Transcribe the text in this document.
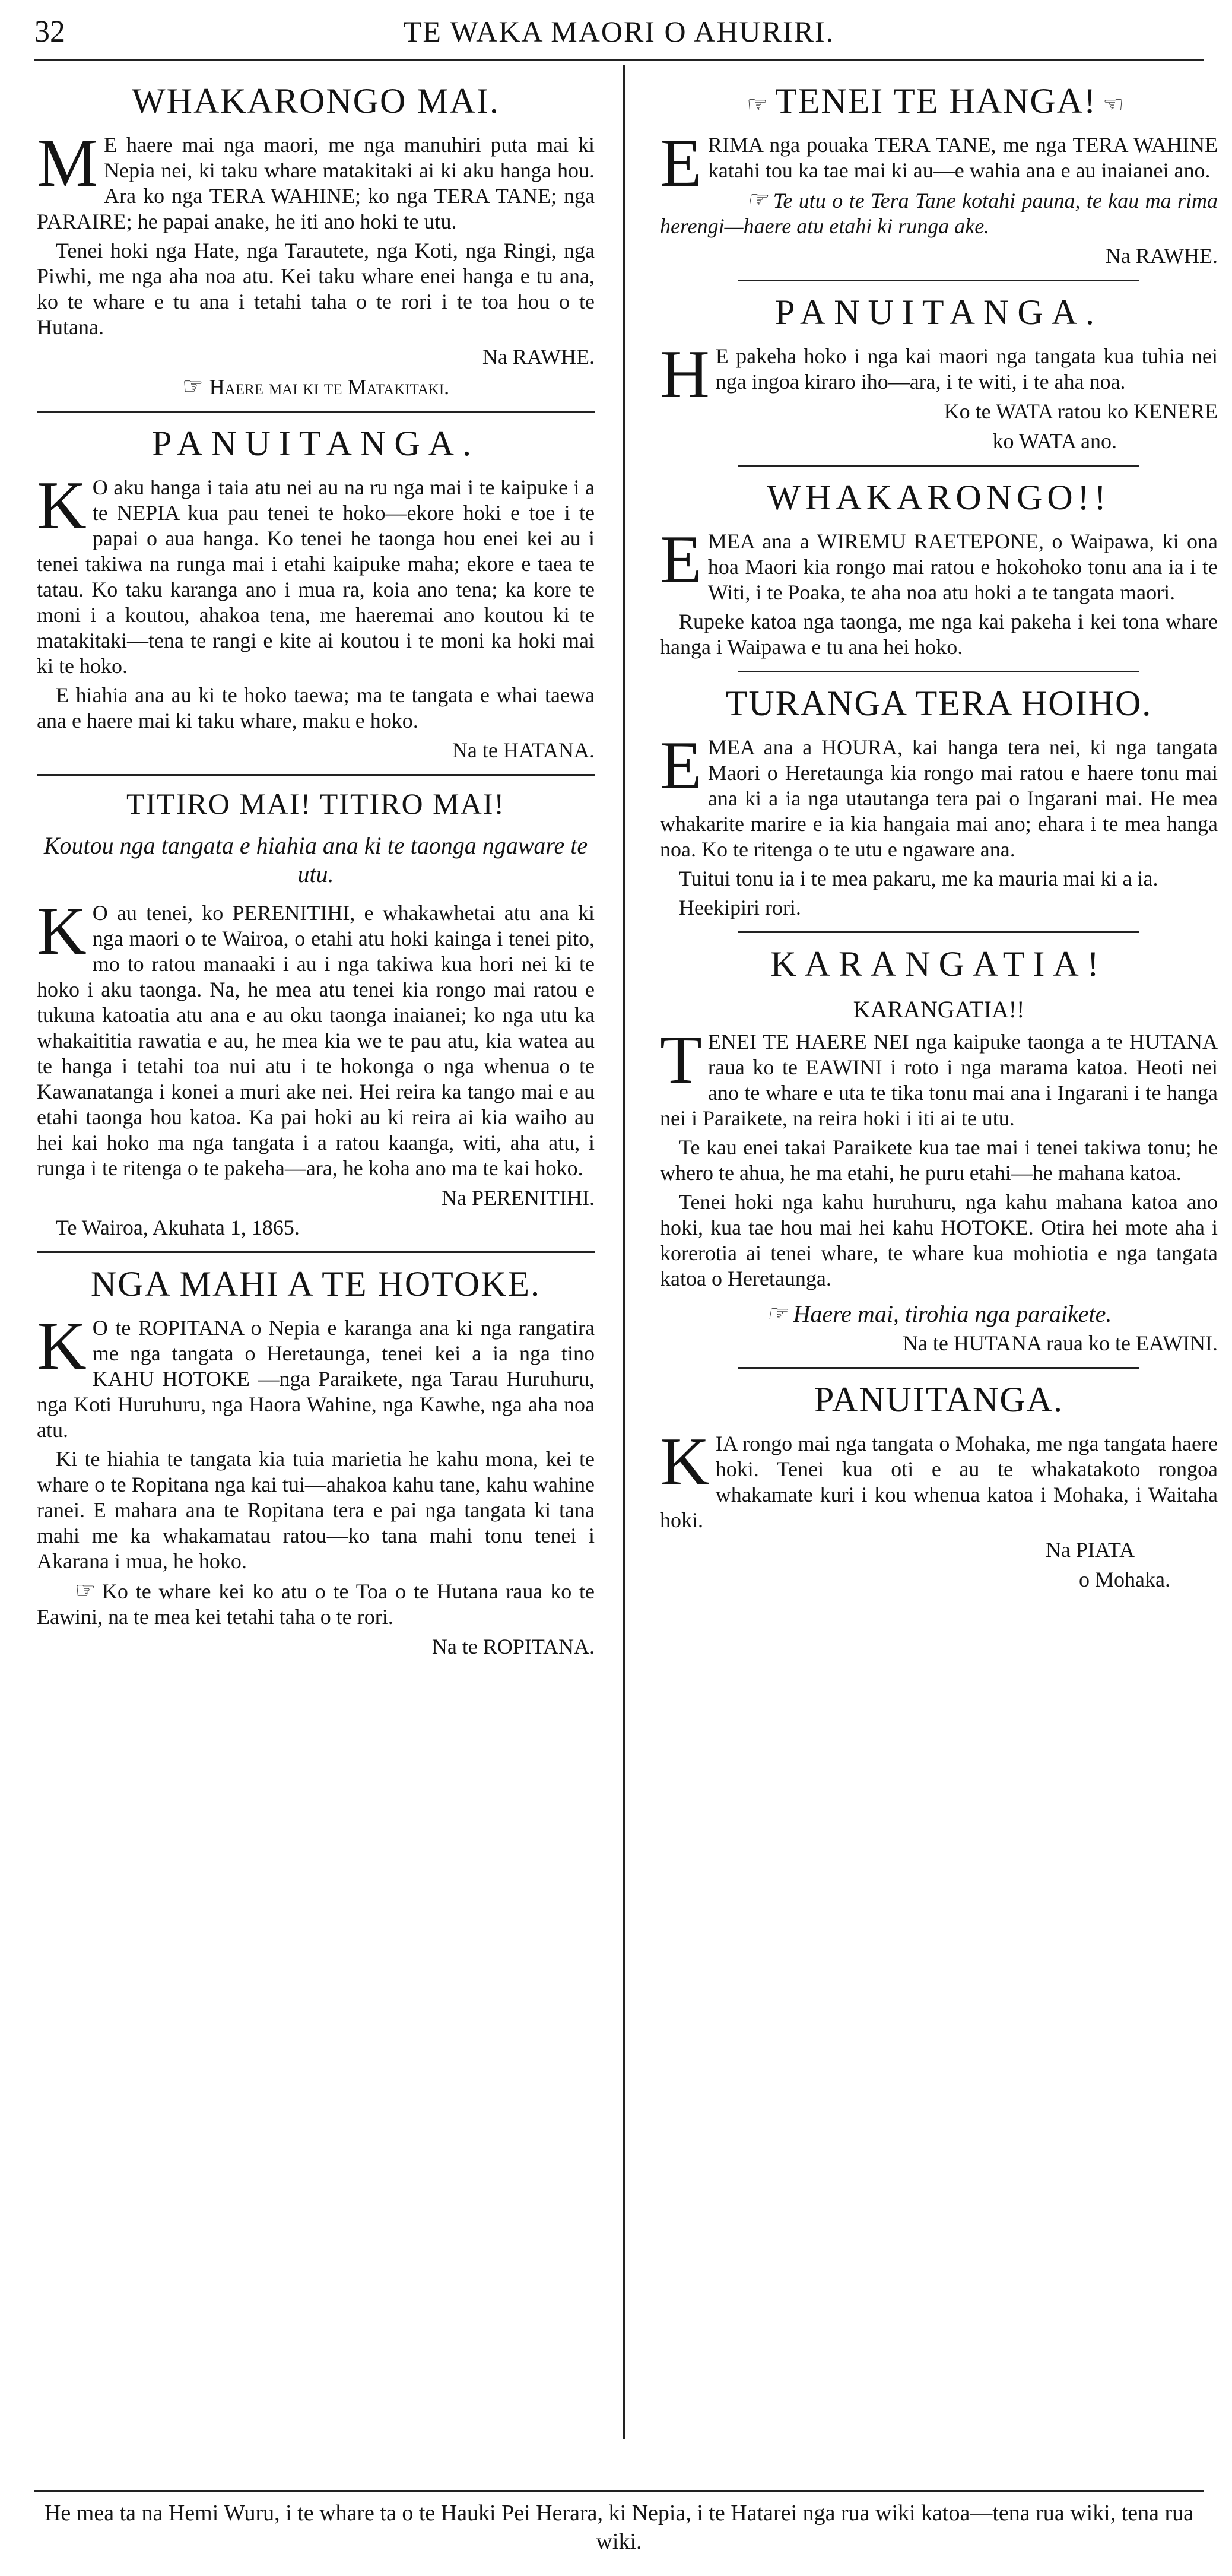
32	TE WAKA MAORI O AHURIRI.
WHAKARONGO MAI.

M E haere mai nga maori, me nga manuhiri puta mai ki Nepia nei, ki taku whare matakitaki ai ki aku hanga hou. Ara ko nga TERA WAHINE; ko nga TERA TANE; nga PARAIRE; he papai anake, he iti ano hoki te utu.

Tenei hoki nga Hate, nga Tarautete, nga Koti, nga Ringi, nga Piwhi, me nga aha noa atu. Kei taku whare enei hanga e tu ana, ko te whare e tu ana i tetahi taha o te rori i te toa hou o te Hutana.

Na RAWHE.

☞ Haere mai ki te Matakitaki.

PANUITANGA.

K O aku hanga i taia atu nei au na ru nga mai i te kaipuke i a te NEPIA kua pau tenei te hoko—ekore hoki e toe i te papai o aua hanga. Ko tenei he taonga hou enei kei au i tenei takiwa na runga mai i etahi kaipuke maha; ekore e taea te tatau. Ko taku karanga ano i mua ra, koia ano tena; ka kore te moni i a koutou, ahakoa tena, me haeremai ano koutou ki te matakitaki—tena te rangi e kite ai koutou i te moni ka hoki mai ki te hoko.

E hiahia ana au ki te hoko taewa; ma te tangata e whai taewa ana e haere mai ki taku whare, maku e hoko.

Na te HATANA.
TITIRO MAI! TITIRO MAI!

Koutou nga tangata e hiahia ana ki te taonga ngaware te utu.

K O au tenei, ko PERENITIHI, e whakawhetai atu ana ki nga maori o te Wairoa, o etahi atu hoki kainga i tenei pito, mo to ratou manaaki i au i nga takiwa kua hori nei ki te hoko i aku taonga. Na, he mea atu tenei kia rongo mai ratou e tukuna katoatia atu ana e au oku taonga inaianei; ko nga utu ka whakaititia rawatia e au, he mea kia we te pau atu, kia watea au te hanga i tetahi toa nui atu i te hokonga o nga whenua o te Kawanatanga i konei a muri ake nei. Hei reira ka tango mai e au etahi taonga hou katoa. Ka pai hoki au ki reira ai kia waiho au hei kai hoko ma nga tangata i a ratou kaanga, witi, aha atu, i runga i te ritenga o te pakeha—ara, he koha ano ma te kai hoko.

Na PERENITIHI.
Te Wairoa, Akuhata 1, 1865.
NGA MAHI A TE HOTOKE.

K O te ROPITANA o Nepia e karanga ana ki nga rangatira me nga tangata o Heretaunga, tenei kei a ia nga tino KAHU HOTOKE —nga Paraikete, nga Tarau Huruhuru, nga Koti Huruhuru, nga Haora Wahine, nga Kawhe, nga aha noa atu.

Ki te hiahia te tangata kia tuia marietia he kahu mona, kei te whare o te Ropitana nga kai tui—ahakoa kahu tane, kahu wahine ranei. E mahara ana te Ropitana tera e pai nga tangata ki tana mahi me ka whakamatau ratou—ko tana mahi tonu tenei i Akarana i mua, he hoko.

☞ Ko te whare kei ko atu o te Toa o te Hutana raua ko te Eawini, na te mea kei tetahi taha o te rori.

Na te ROPITANA.
☞ TENEI TE HANGA! ☜

ERIMA nga pouaka TERA TANE, me nga TERA WAHINE katahi tou ka tae mai ki au—e wahia ana e au inaianei ano.

☞ Te utu o te Tera Tane kotahi pauna, te kau ma rima herengi—haere atu etahi ki runga ake.

Na RAWHE.
PANUITANGA.

H E pakeha hoko i nga kai maori nga tangata kua tuhia nei nga ingoa kiraro iho—ara, i te witi, i te aha noa.

Ko te WATA ratou ko KENERE
ko WATA ano.
WHAKARONGO!!

EMEA ana a WIREMU RAETEPONE, o Waipawa, ki ona hoa Maori kia rongo mai ratou e hokohoko tonu ana ia i te Witi, i te Poaka, te aha noa atu hoki a te tangata maori.

Rupeke katoa nga taonga, me nga kai pakeha i kei tona whare hanga i Waipawa e tu ana hei hoko.

TURANGA TERA HOIHO.

EMEA ana a HOURA, kai hanga tera nei, ki nga tangata Maori o Heretaunga kia rongo mai ratou e haere tonu mai ana ki a ia nga utautanga tera pai o Ingarani mai. He mea whakarite marire e ia kia hangaia mai ano; ehara i te mea hanga noa. Ko te ritenga o te utu e ngaware ana.

Tuitui tonu ia i te mea pakaru, me ka mauria mai ki a ia.

Heekipiri rori.

KARANGATIA!
KARANGATIA!!

TENEI TE HAERE NEI nga kaipuke taonga a te HUTANA raua ko te EAWINI i roto i nga marama katoa. Heoti nei ano te whare e uta te tika tonu mai ana i Ingarani i te hanga nei i Paraikete, na reira hoki i iti ai te utu.

Te kau enei takai Paraikete kua tae mai i tenei takiwa tonu; he whero te ahua, he ma etahi, he puru etahi—he mahana katoa.

Tenei hoki nga kahu huruhuru, nga kahu mahana katoa ano hoki, kua tae hou mai hei kahu HOTOKE. Otira hei mote aha i korerotia ai tenei whare, te whare kua mohiotia e nga tangata katoa o Heretaunga.

☞ Haere mai, tirohia nga paraikete.

Na te HUTANA raua ko te EAWINI.
PANUITANGA.

KIA rongo mai nga tangata o Mohaka, me nga tangata haere hoki. Tenei kua oti e au te whakatakoto rongoa whakamate kuri i kou whenua katoa i Mohaka, i Waitaha hoki.

Na PIATA
o Mohaka.
He mea ta na Hemi Wuru, i te whare ta o te Hauki Pei Herara, ki Nepia, i te Hatarei nga rua wiki katoa—tena rua wiki, tena rua wiki.
